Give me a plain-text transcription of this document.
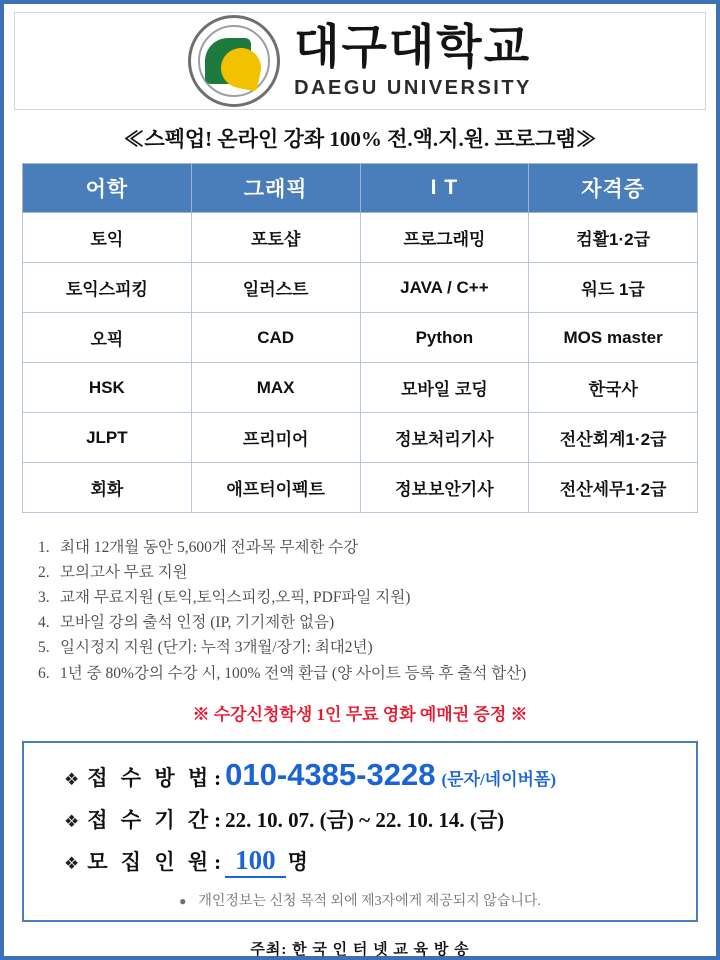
대구대학교
DAEGU UNIVERSITY
≪스펙업! 온라인 강좌 100% 전.액.지.원. 프로그램≫
어학	그래픽	I T	자격증
토익	포토샵	프로그래밍	컴활1·2급
토익스피킹	일러스트	JAVA / C++	워드 1급
오픽	CAD	Python	MOS master
HSK	MAX	모바일 코딩	한국사
JLPT	프리미어	정보처리기사	전산회계1·2급
회화	애프터이펙트	정보보안기사	전산세무1·2급
1. 최대 12개월 동안 5,600개 전과목 무제한 수강
2. 모의고사 무료 지원
3. 교재 무료지원 (토익,토익스피킹,오픽, PDF파일 지원)
4. 모바일 강의 출석 인정 (IP, 기기제한 없음)
5. 일시정지 지원 (단기: 누적 3개월/장기: 최대2년)
6. 1년 중 80%강의 수강 시, 100% 전액 환급 (양 사이트 등록 후 출석 합산)
※ 수강신청학생 1인 무료 영화 예매권 증정 ※
❖ 접 수 방 법 : 010-4385-3228 (문자/네이버폼)
❖ 접 수 기 간 : 22. 10. 07. (금) ~ 22. 10. 14. (금)
❖ 모 집 인 원 : 100 명
● 개인정보는 신청 목적 외에 제3자에게 제공되지 않습니다.
주최: 한 국 인 터 넷 교 육 방 송
